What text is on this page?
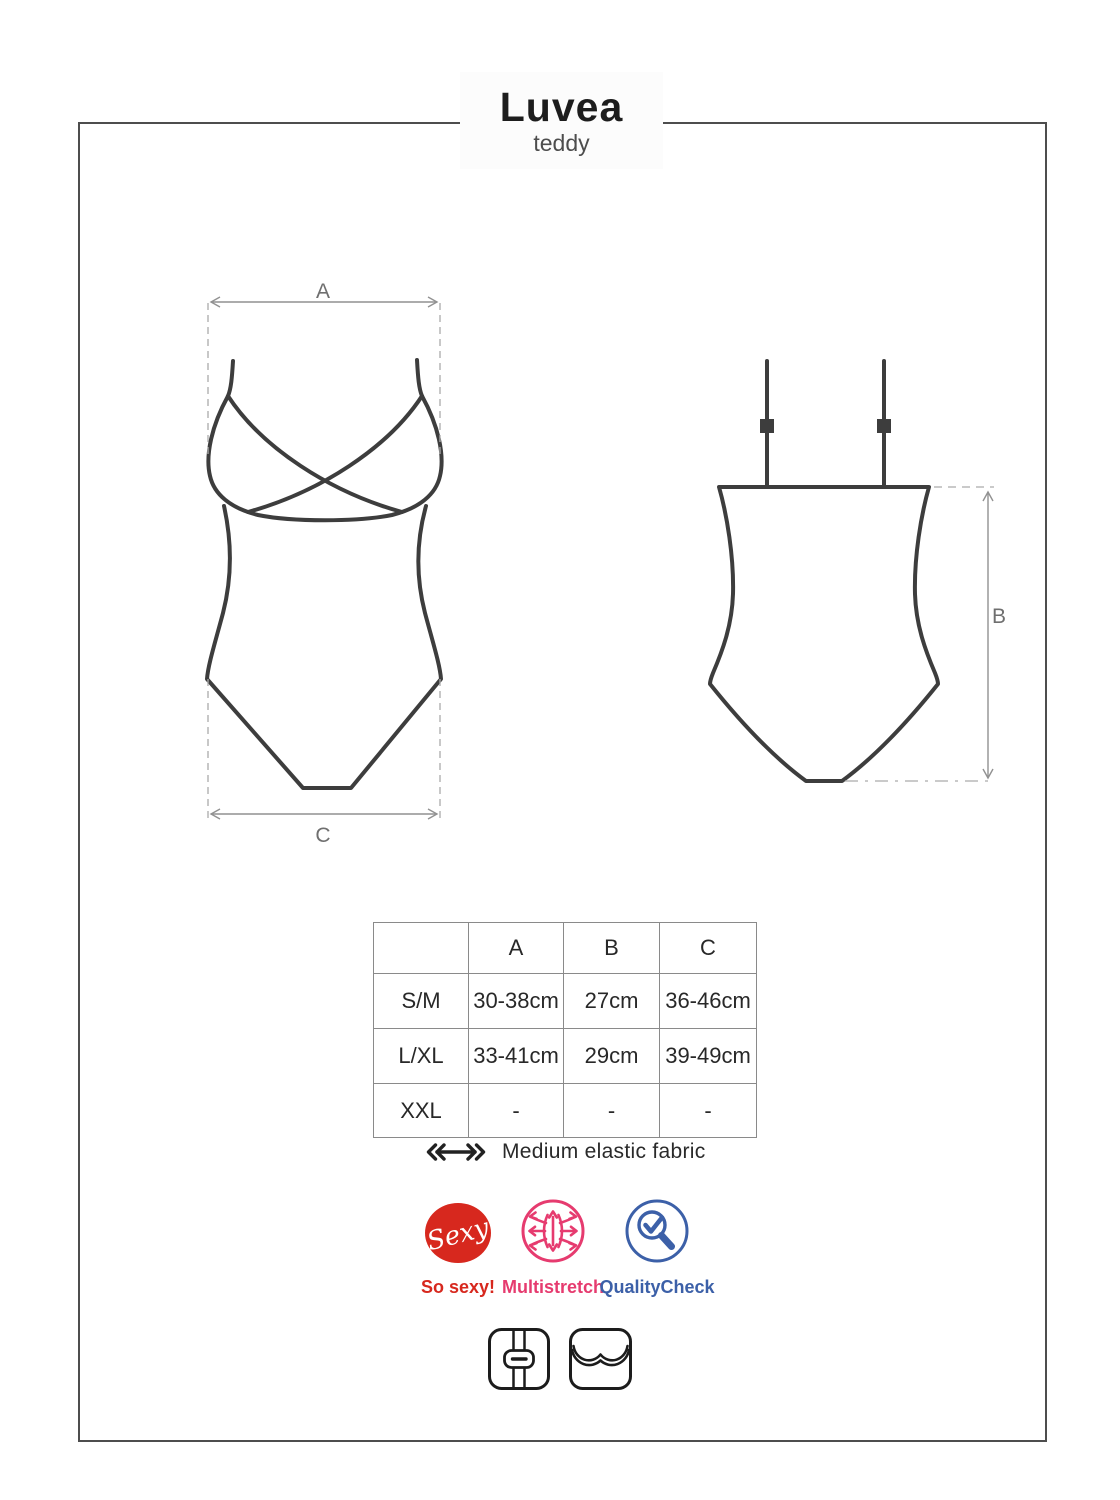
Luvea
teddy
A
B
C
	A	B	C
S/M	30-38cm	27cm	36-46cm
L/XL	33-41cm	29cm	39-49cm
XXL	-	-	-
Medium elastic fabric
Sexy
So sexy! Multistretch
QualityCheck
